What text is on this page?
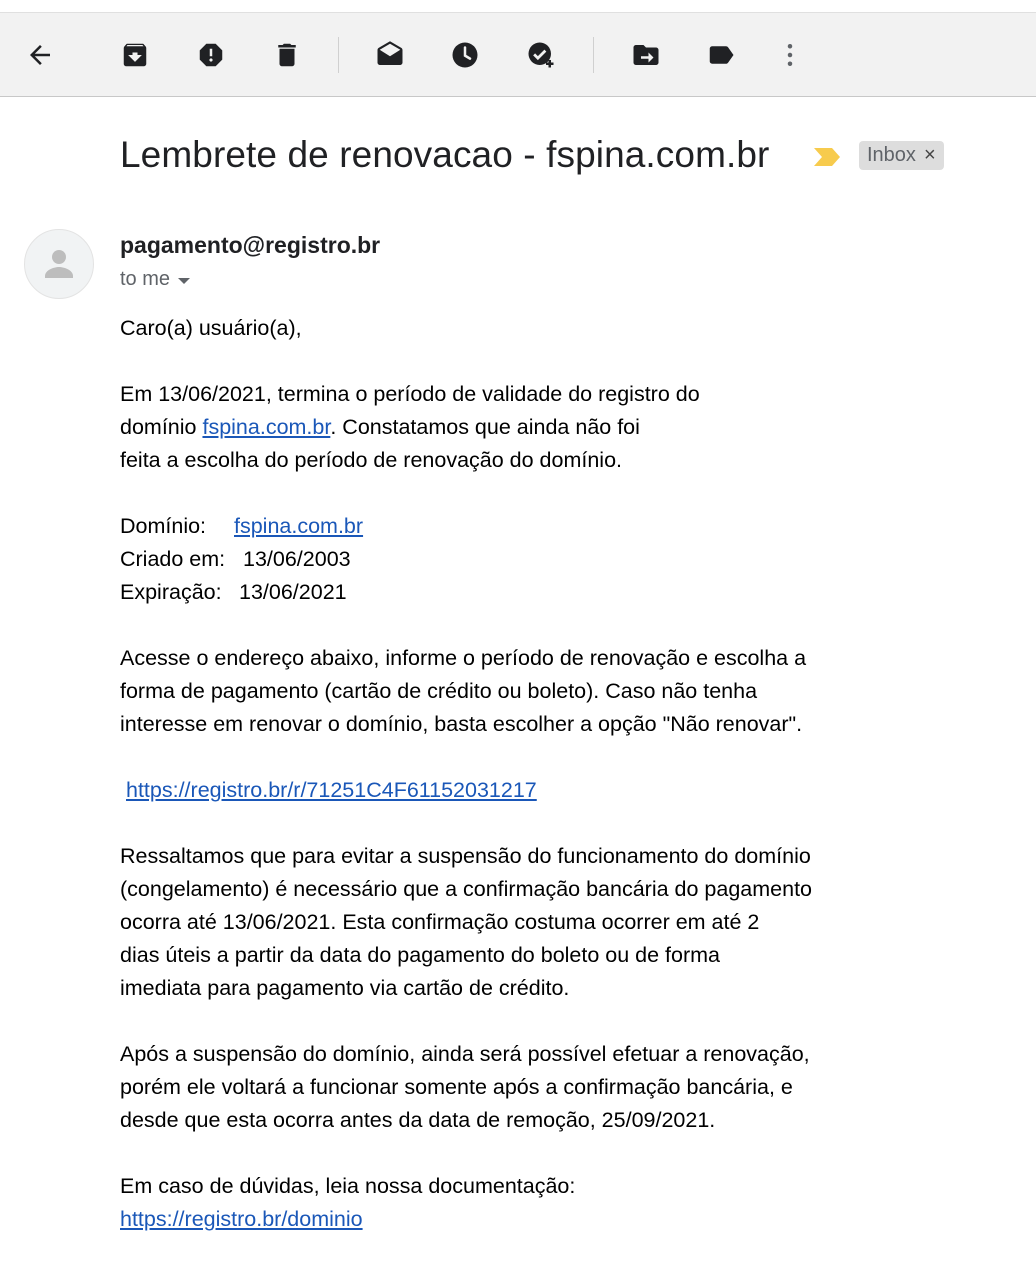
Lembrete de renovacao - fspina.com.br	Inbox ×
pagamento@registro.br
to me

Caro(a) usuário(a),

Em 13/06/2021, termina o período de validade do registro do

domínio fspina.com.br. Constatamos que ainda não foi

feita a escolha do período de renovação do domínio.

Domínio:	fspina.com.br
Criado em: 13/06/2003
Expiração: 13/06/2021

Acesse o endereço abaixo, informe o período de renovação e escolha a

forma de pagamento (cartão de crédito ou boleto). Caso não tenha

interesse em renovar o domínio, basta escolher a opção "Não renovar".

https://registro.br/r/71251C4F61152031217

Ressaltamos que para evitar a suspensão do funcionamento do domínio

(congelamento) é necessário que a confirmação bancária do pagamento

ocorra até 13/06/2021. Esta confirmação costuma ocorrer em até 2

dias úteis a partir da data do pagamento do boleto ou de forma

imediata para pagamento via cartão de crédito.

Após a suspensão do domínio, ainda será possível efetuar a renovação,

porém ele voltará a funcionar somente após a confirmação bancária, e

desde que esta ocorra antes da data de remoção, 25/09/2021.

Em caso de dúvidas, leia nossa documentação:

https://registro.br/dominio
